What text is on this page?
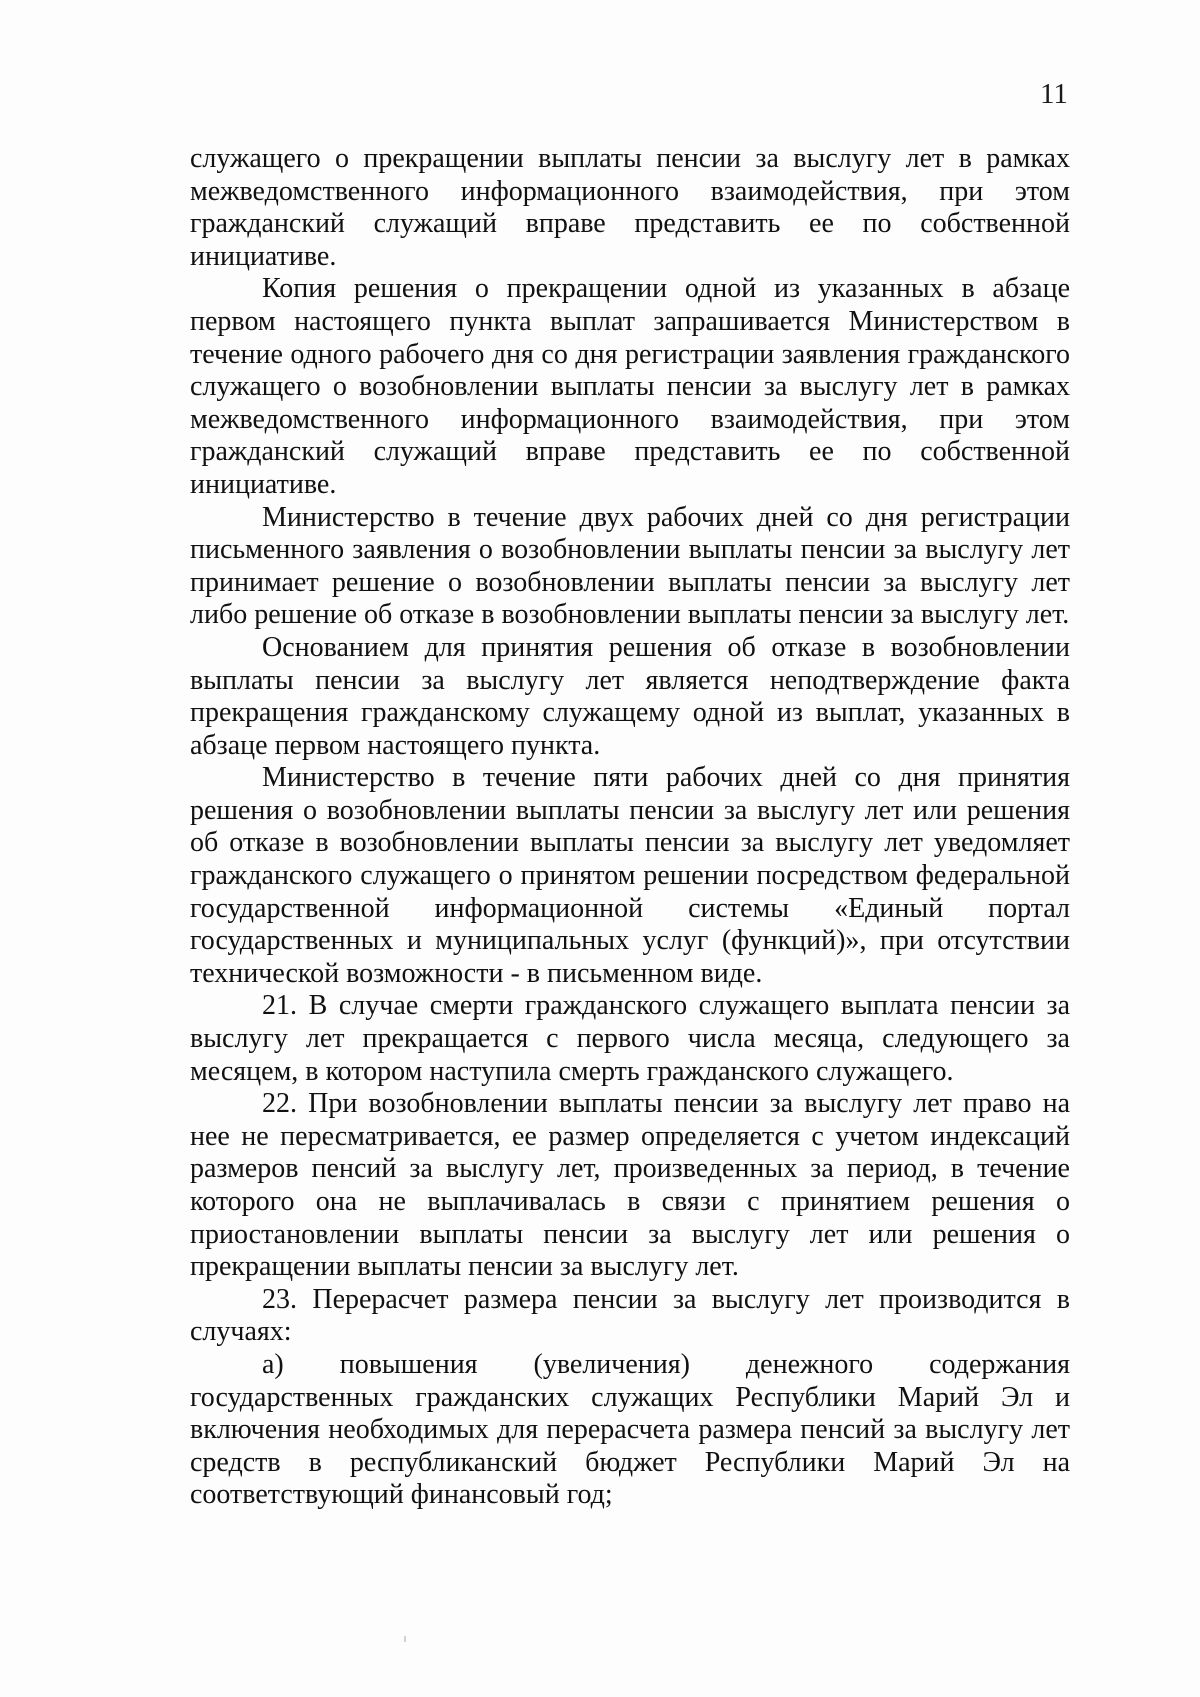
11

служащего о прекращении выплаты пенсии за выслугу лет в рамках межведомственного информационного взаимодействия, при этом гражданский служащий вправе представить ее по собственной инициативе.

Копия решения о прекращении одной из указанных в абзаце первом настоящего пункта выплат запрашивается Министерством в течение одного рабочего дня со дня регистрации заявления гражданского служащего о возобновлении выплаты пенсии за выслугу лет в рамках межведомственного информационного взаимодействия, при этом гражданский служащий вправе представить ее по собственной инициативе.

Министерство в течение двух рабочих дней со дня регистрации письменного заявления о возобновлении выплаты пенсии за выслугу лет принимает решение о возобновлении выплаты пенсии за выслугу лет либо решение об отказе в возобновлении выплаты пенсии за выслугу лет.

Основанием для принятия решения об отказе в возобновлении выплаты пенсии за выслугу лет является неподтверждение факта прекращения гражданскому служащему одной из выплат, указанных в абзаце первом настоящего пункта.

Министерство в течение пяти рабочих дней со дня принятия решения о возобновлении выплаты пенсии за выслугу лет или решения об отказе в возобновлении выплаты пенсии за выслугу лет уведомляет гражданского служащего о принятом решении посредством федеральной государственной информационной системы «Единый портал государственных и муниципальных услуг (функций)», при отсутствии технической возможности - в письменном виде.

21. В случае смерти гражданского служащего выплата пенсии за выслугу лет прекращается с первого числа месяца, следующего за месяцем, в котором наступила смерть гражданского служащего.

22. При возобновлении выплаты пенсии за выслугу лет право на нее не пересматривается, ее размер определяется с учетом индексаций размеров пенсий за выслугу лет, произведенных за период, в течение которого она не выплачивалась в связи с принятием решения о приостановлении выплаты пенсии за выслугу лет или решения о прекращении выплаты пенсии за выслугу лет.

23. Перерасчет размера пенсии за выслугу лет производится в случаях:

а) повышения (увеличения) денежного содержания государственных гражданских служащих Республики Марий Эл и включения необходимых для перерасчета размера пенсий за выслугу лет средств в республиканский бюджет Республики Марий Эл на соответствующий финансовый год;
